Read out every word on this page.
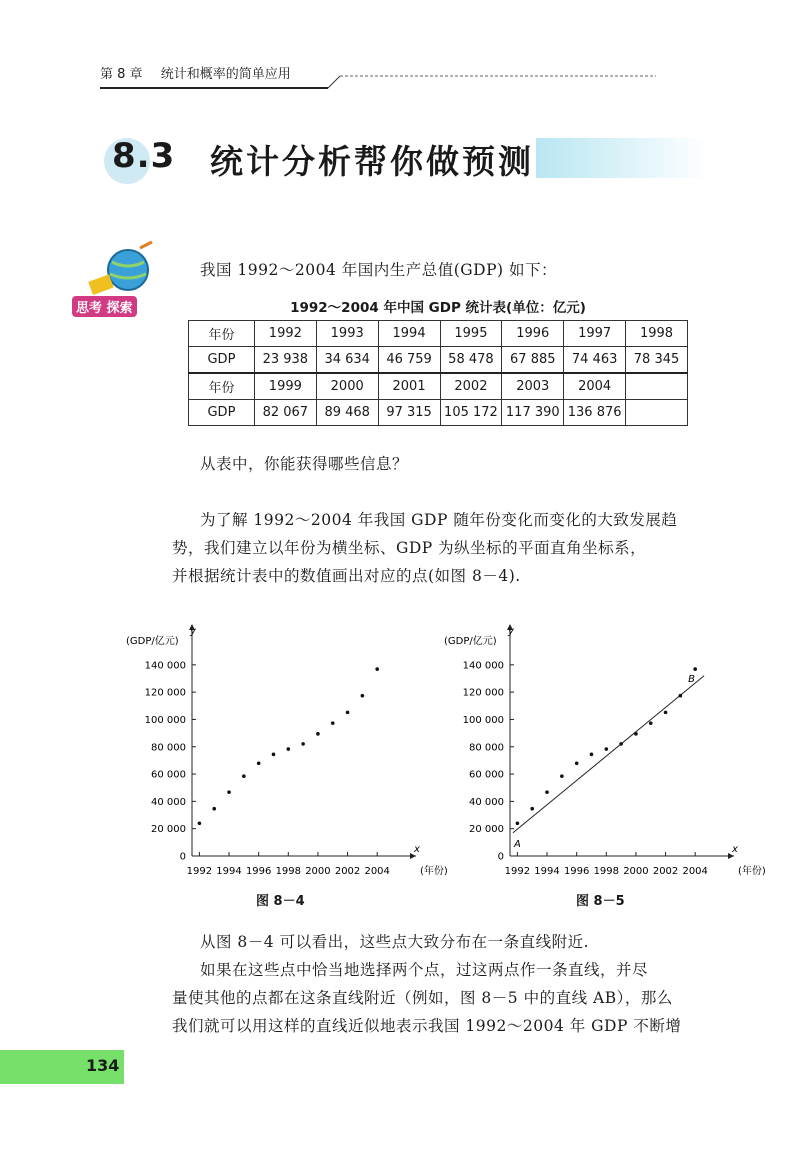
第 8 章 统计和概率的简单应用
8.3 统计分析帮你做预测
思考 探索
我国 1992～2004 年国内生产总值(GDP) 如下：
1992～2004 年中国 GDP 统计表(单位：亿元)
年份	1992	1993	1994	1995	1996	1997	1998
GDP	23 938	34 634	46 759	58 478	67 885	74 463	78 345
年份	1999	2000	2001	2002	2003	2004	
GDP	82 067	89 468	97 315	105 172	117 390	136 876	
从表中，你能获得哪些信息？
为了解 1992～2004 年我国 GDP 随年份变化而变化的大致发展趋
势，我们建立以年份为横坐标、GDP 为纵坐标的平面直角坐标系，
并根据统计表中的数值画出对应的点(如图 8－4).
y
(GDP/亿元)
x
(年份)
0
20 000
40 000
60 000
80 000
100 000
120 000
140 000
1992 1994 1996 1998 2000 2002 2004
y
(GDP/亿元)
x
(年份)
0
20 000
40 000
60 000
80 000
100 000
120 000
140 000
1992 1994 1996 1998 2000 2002 2004
A
B
图 8－4	图 8－5
从图 8－4 可以看出，这些点大致分布在一条直线附近.
如果在这些点中恰当地选择两个点，过这两点作一条直线，并尽
量使其他的点都在这条直线附近（例如，图 8－5 中的直线 AB），那么
我们就可以用这样的直线近似地表示我国 1992～2004 年 GDP 不断增
134
